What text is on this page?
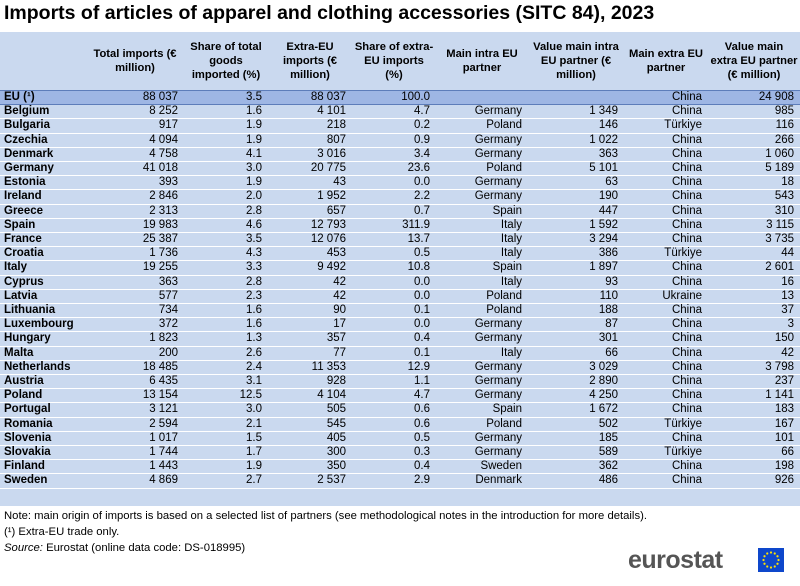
Imports of articles of apparel and clothing accessories (SITC 84), 2023
	Total imports (€ million)	Share of total goods imported (%)	Extra-EU imports (€ million)	Share of extra-EU imports (%)	Main intra EU partner	Value main intra EU partner (€ million)	Main extra EU partner	Value main extra EU partner (€ million)
EU (¹)	88 037	3.5	88 037	100.0			China	24 908
Belgium	8 252	1.6	4 101	4.7	Germany	1 349	China	985
Bulgaria	917	1.9	218	0.2	Poland	146	Türkiye	116
Czechia	4 094	1.9	807	0.9	Germany	1 022	China	266
Denmark	4 758	4.1	3 016	3.4	Germany	363	China	1 060
Germany	41 018	3.0	20 775	23.6	Poland	5 101	China	5 189
Estonia	393	1.9	43	0.0	Germany	63	China	18
Ireland	2 846	2.0	1 952	2.2	Germany	190	China	543
Greece	2 313	2.8	657	0.7	Spain	447	China	310
Spain	19 983	4.6	12 793	311.9	Italy	1 592	China	3 115
France	25 387	3.5	12 076	13.7	Italy	3 294	China	3 735
Croatia	1 736	4.3	453	0.5	Italy	386	Türkiye	44
Italy	19 255	3.3	9 492	10.8	Spain	1 897	China	2 601
Cyprus	363	2.8	42	0.0	Italy	93	China	16
Latvia	577	2.3	42	0.0	Poland	110	Ukraine	13
Lithuania	734	1.6	90	0.1	Poland	188	China	37
Luxembourg	372	1.6	17	0.0	Germany	87	China	3
Hungary	1 823	1.3	357	0.4	Germany	301	China	150
Malta	200	2.6	77	0.1	Italy	66	China	42
Netherlands	18 485	2.4	11 353	12.9	Germany	3 029	China	3 798
Austria	6 435	3.1	928	1.1	Germany	2 890	China	237
Poland	13 154	12.5	4 104	4.7	Germany	4 250	China	1 141
Portugal	3 121	3.0	505	0.6	Spain	1 672	China	183
Romania	2 594	2.1	545	0.6	Poland	502	Türkiye	167
Slovenia	1 017	1.5	405	0.5	Germany	185	China	101
Slovakia	1 744	1.7	300	0.3	Germany	589	Türkiye	66
Finland	1 443	1.9	350	0.4	Sweden	362	China	198
Sweden	4 869	2.7	2 537	2.9	Denmark	486	China	926
Note: main origin of imports is based on a selected list of partners (see methodological notes in the introduction for more details).
(¹) Extra-EU trade only.
Source: Eurostat (online data code: DS-018995)	eurostat
